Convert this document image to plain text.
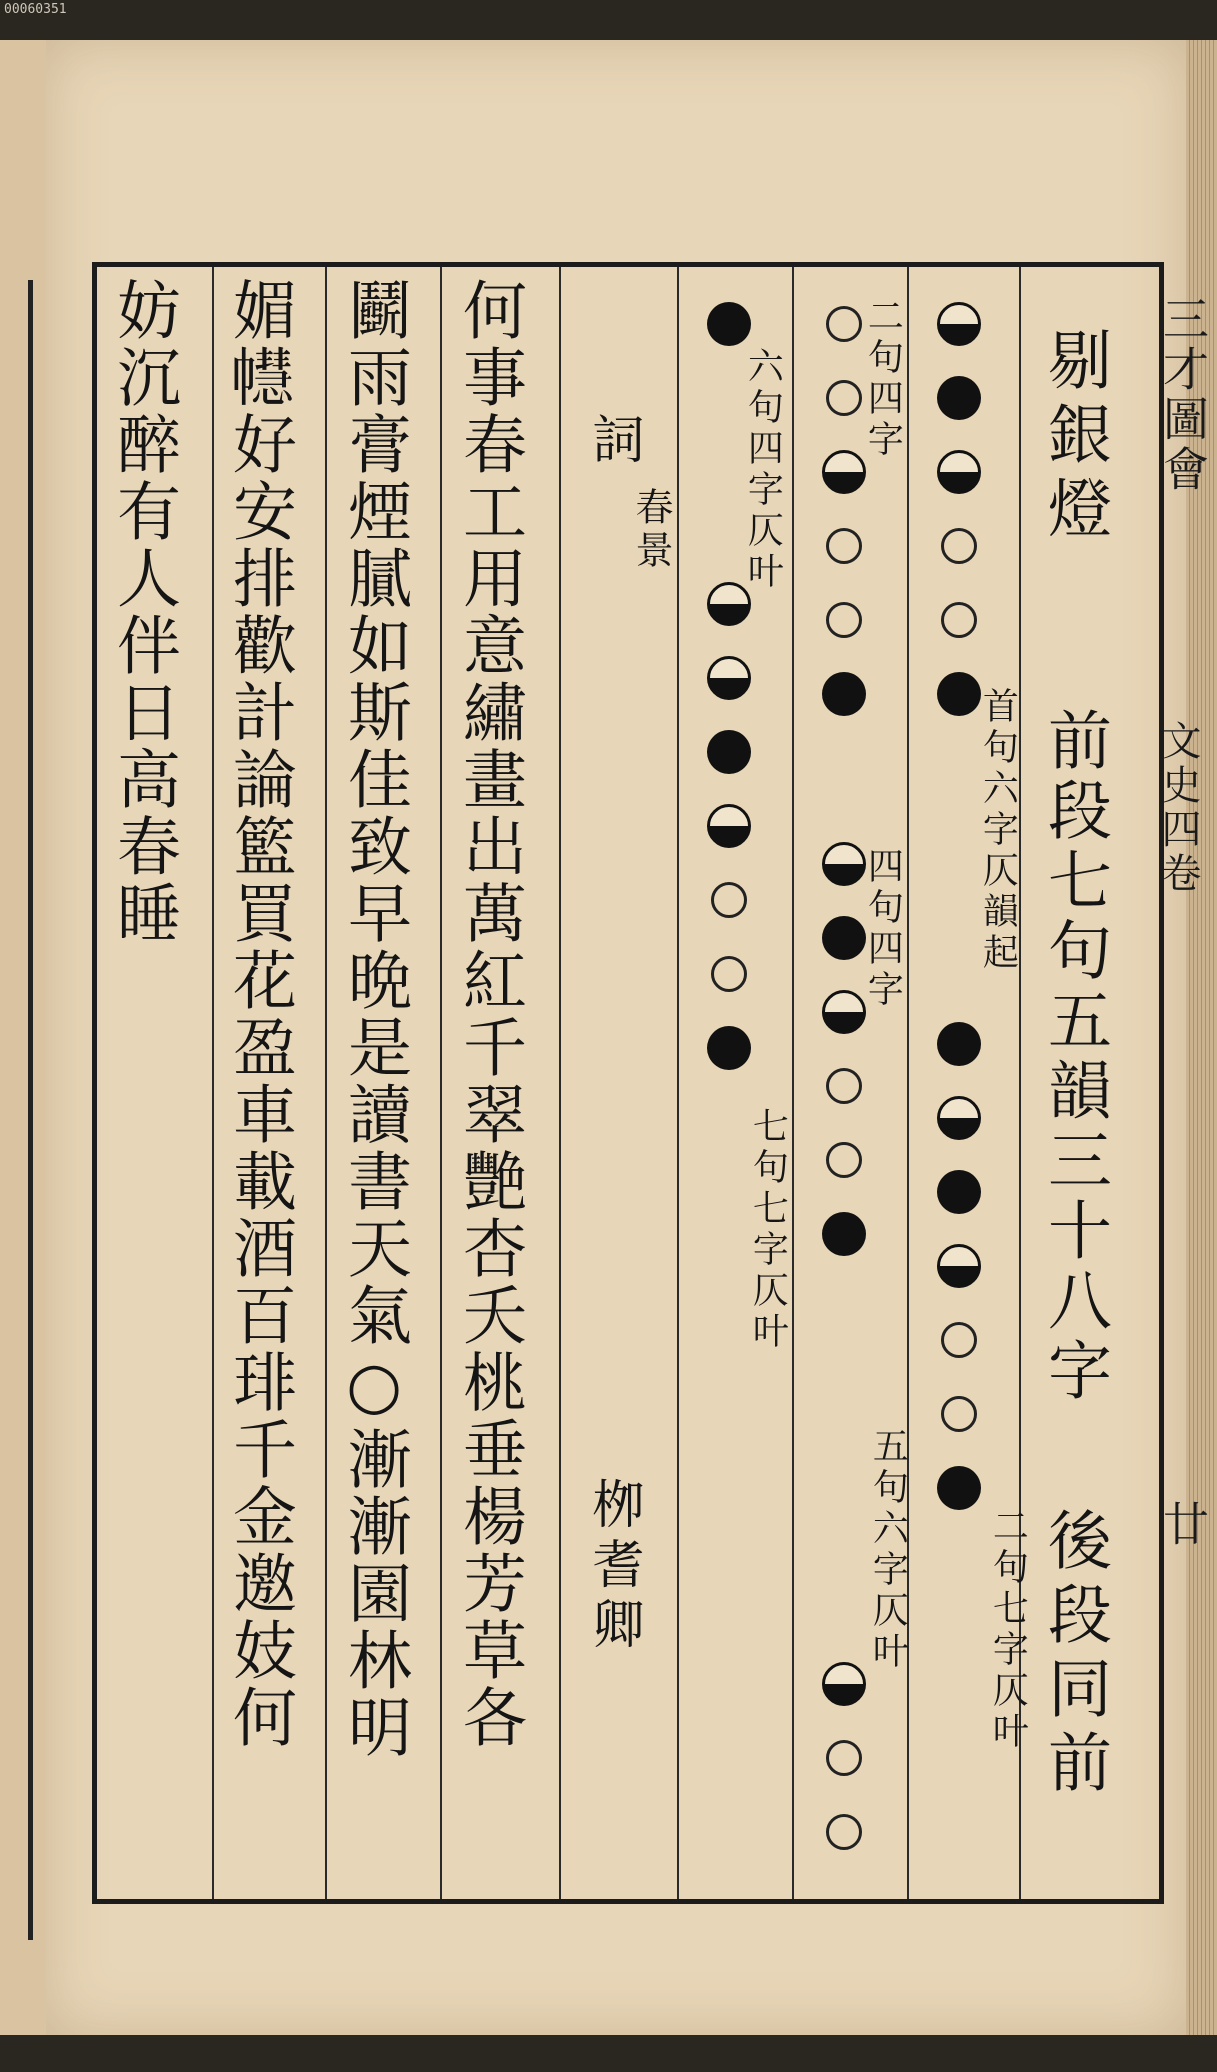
00060351
三才圖會
文史四卷
廿
剔銀燈
前段七句五韻三十八字
後段同前
首句六字仄韻起
二句七字仄叶
二句四字
四句四字
五句六字仄叶
六句四字仄叶
七句七字仄叶
詞
春景
栁耆卿
何事春工用意繡畫出萬紅千翠艷杏夭桃垂楊芳草各
鬬雨膏煙膩如斯佳致早晩是讀書天氣○漸漸園林明
媚𢅫好安排歡計論籃買花盈車載酒百琲千金邀妓何
妨沉醉有人伴日高春睡
